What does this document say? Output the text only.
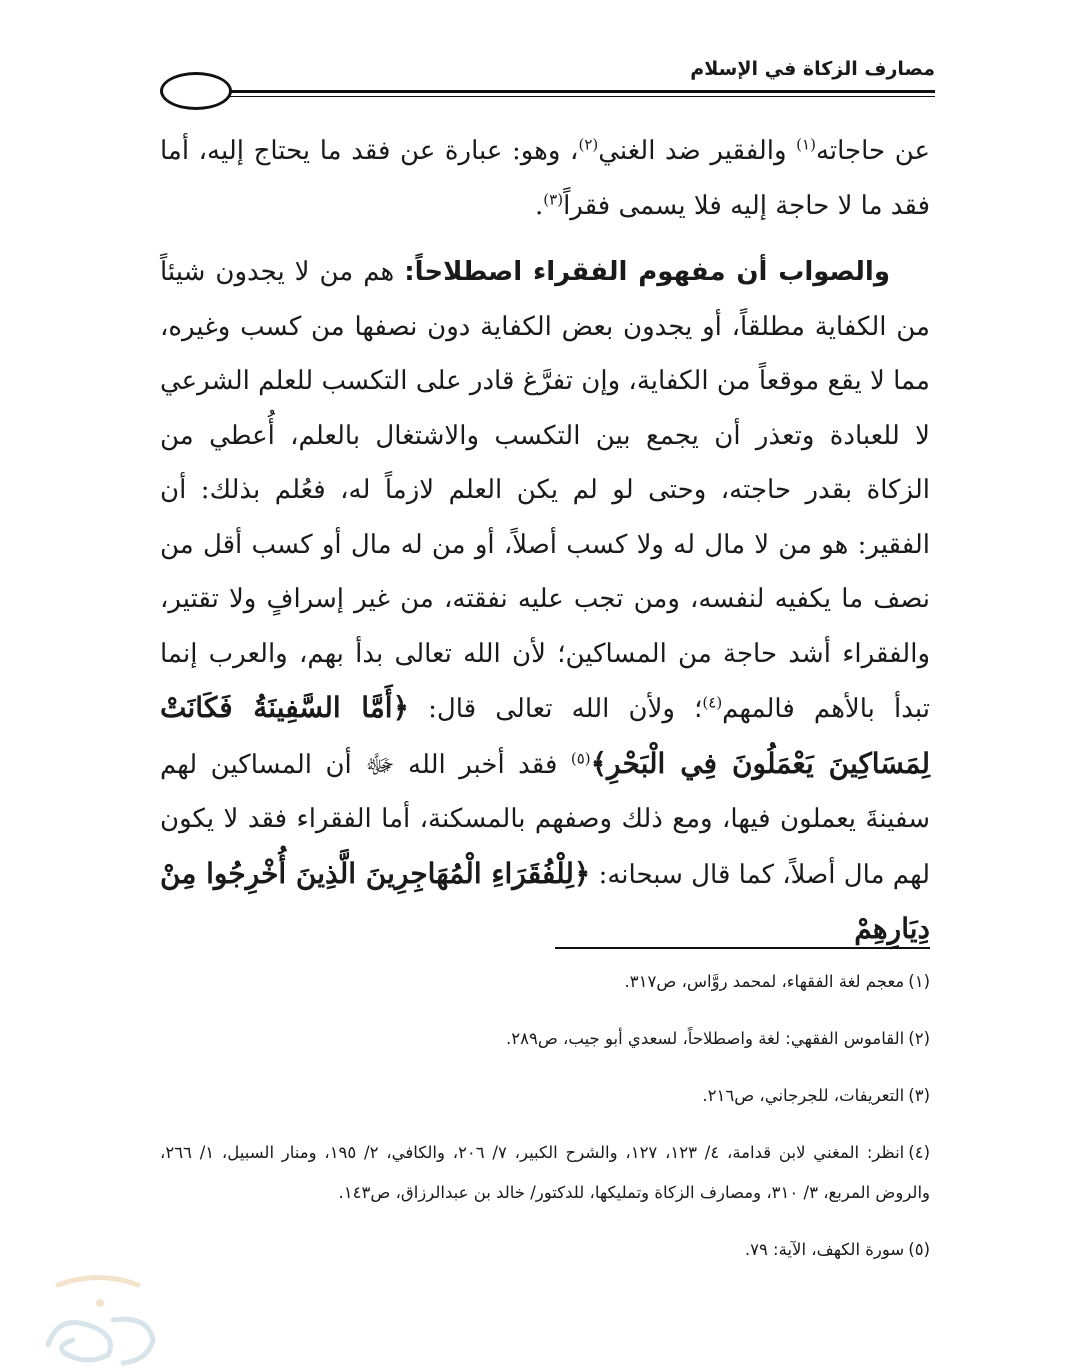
مصارف الزكاة في الإسلام

عن حاجاته$^{(١)}$ والفقير ضد الغني$^{(٢)}$، وهو: عبارة عن فقد ما يحتاج إليه، أما فقد ما لا حاجة إليه فلا يسمى فقراً$^{(٣)}$.

والصواب أن مفهوم الفقراء اصطلاحاً: هم من لا يجدون شيئاً من الكفاية مطلقاً، أو يجدون بعض الكفاية دون نصفها من كسب وغيره، مما لا يقع موقعاً من الكفاية، وإن تفرَّغ قادر على التكسب للعلم الشرعي لا للعبادة وتعذر أن يجمع بين التكسب والاشتغال بالعلم، أُعطي من الزكاة بقدر حاجته، وحتى لو لم يكن العلم لازماً له، فعُلم بذلك: أن الفقير: هو من لا مال له ولا كسب أصلاً، أو من له مال أو كسب أقل من نصف ما يكفيه لنفسه، ومن تجب عليه نفقته، من غير إسرافٍ ولا تقتير، والفقراء أشد حاجة من المساكين؛ لأن الله تعالى بدأ بهم، والعرب إنما تبدأ بالأهم فالمهم$^{(٤)}$؛ ولأن الله تعالى قال: ﴿أَمَّا السَّفِينَةُ فَكَانَتْ لِمَسَاكِينَ يَعْمَلُونَ فِي الْبَحْرِ﴾$^{(٥)}$ فقد أخبر الله ﷻ أن المساكين لهم سفينةَ يعملون فيها، ومع ذلك وصفهم بالمسكنة، أما الفقراء فقد لا يكون لهم مال أصلاً، كما قال سبحانه: ﴿لِلْفُقَرَاءِ الْمُهَاجِرِينَ الَّذِينَ أُخْرِجُوا مِنْ دِيَارِهِمْ

(١)معجم لغة الفقهاء، لمحمد روَّاس، ص٣١٧.

(٢)القاموس الفقهي: لغة واصطلاحاً، لسعدي أبو جيب، ص٢٨٩.

(٣)التعريفات، للجرجاني، ص٢١٦.

(٤)انظر: المغني لابن قدامة، ٤/ ١٢٣، ١٢٧، والشرح الكبير، ٧/ ٢٠٦، والكافي، ٢/ ١٩٥، ومنار السبيل، ١/ ٢٦٦، والروض المربع، ٣/ ٣١٠، ومصارف الزكاة وتمليكها، للدكتور/ خالد بن عبدالرزاق، ص١٤٣.

(٥)سورة الكهف، الآية: ٧٩.
